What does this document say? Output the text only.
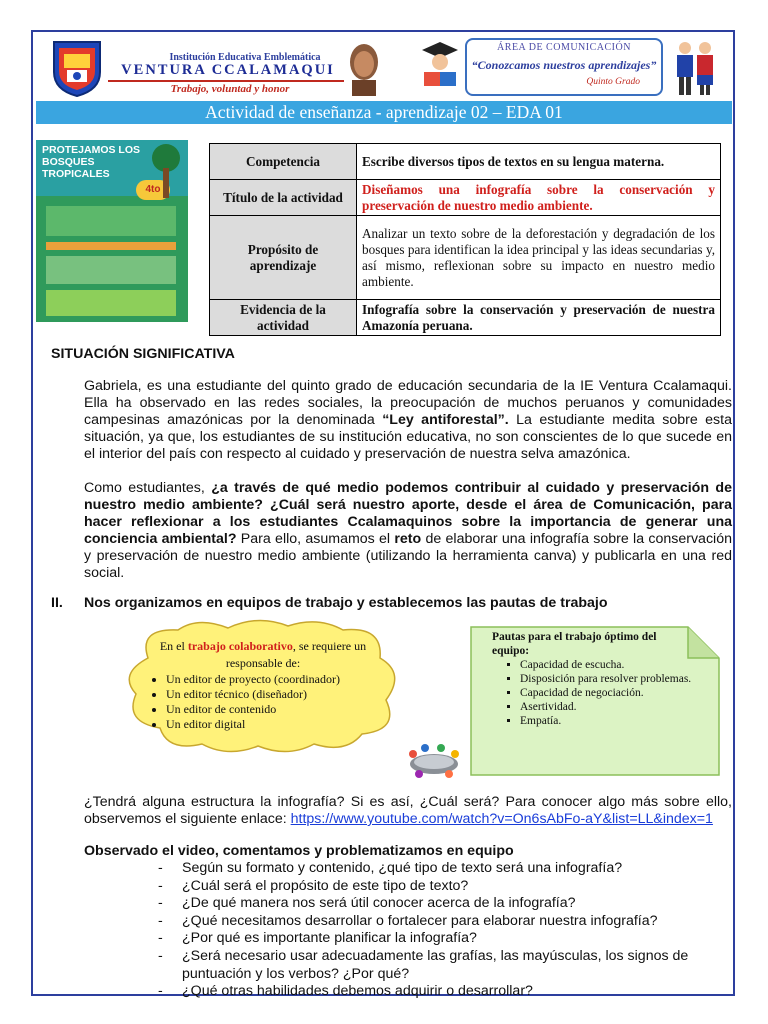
Institución Educativa Emblemática
VENTURA CCALAMAQUI
Trabajo, voluntad y honor
ÁREA DE COMUNICACIÓN
“Conozcamos nuestros aprendizajes”
Quinto Grado
Actividad de enseñanza - aprendizaje 02 – EDA 01
PROTEJAMOS LOS BOSQUES TROPICALES
4to
Competencia	Escribe diversos tipos de textos en su lengua materna.
Título de la actividad	Diseñamos una infografía sobre la conservación y preservación de nuestro medio ambiente.
Propósito de aprendizaje	Analizar un texto sobre de la deforestación y degradación de los bosques para identifican la idea principal y las ideas secundarias y, así mismo, reflexionan sobre su impacto en nuestro medio ambiente.
Evidencia de la actividad	Infografía sobre la conservación y preservación de nuestra Amazonía peruana.
SITUACIÓN SIGNIFICATIVA
Gabriela, es una estudiante del quinto grado de educación secundaria de la IE Ventura Ccalamaqui. Ella ha observado en las redes sociales, la preocupación de muchos peruanos y comunidades campesinas amazónicas por la denominada “Ley antiforestal”. La estudiante medita sobre esta situación, ya que, los estudiantes de su institución educativa, no son conscientes de lo que sucede en el interior del país con respecto al cuidado y preservación de nuestra selva amazónica.
Como estudiantes, ¿a través de qué medio podemos contribuir al cuidado y preservación de nuestro medio ambiente? ¿Cuál será nuestro aporte, desde el área de Comunicación, para hacer reflexionar a los estudiantes Ccalamaquinos sobre la importancia de generar una conciencia ambiental? Para ello, asumamos el reto de elaborar una infografía sobre la conservación y preservación de nuestro medio ambiente (utilizando la herramienta canva) y publicarla en una red social.
II. Nos organizamos en equipos de trabajo y establecemos las pautas de trabajo
En el trabajo colaborativo, se requiere un responsable de:
• Un editor de proyecto (coordinador)
• Un editor técnico (diseñador)
• Un editor de contenido
• Un editor digital
Pautas para el trabajo óptimo del equipo:
▪ Capacidad de escucha.
▪ Disposición para resolver problemas.
▪ Capacidad de negociación.
▪ Asertividad.
▪ Empatía.
¿Tendrá alguna estructura la infografía? Si es así, ¿Cuál será? Para conocer algo más sobre ello, observemos el siguiente enlace: https://www.youtube.com/watch?v=On6sAbFo-aY&list=LL&index=1
Observado el video, comentamos y problematizamos en equipo
- Según su formato y contenido, ¿qué tipo de texto será una infografía?
- ¿Cuál será el propósito de este tipo de texto?
- ¿De qué manera nos será útil conocer acerca de la infografía?
- ¿Qué necesitamos desarrollar o fortalecer para elaborar nuestra infografía?
- ¿Por qué es importante planificar la infografía?
- ¿Será necesario usar adecuadamente las grafías, las mayúsculas, los signos de puntuación y los verbos? ¿Por qué?
- ¿Qué otras habilidades debemos adquirir o desarrollar?
